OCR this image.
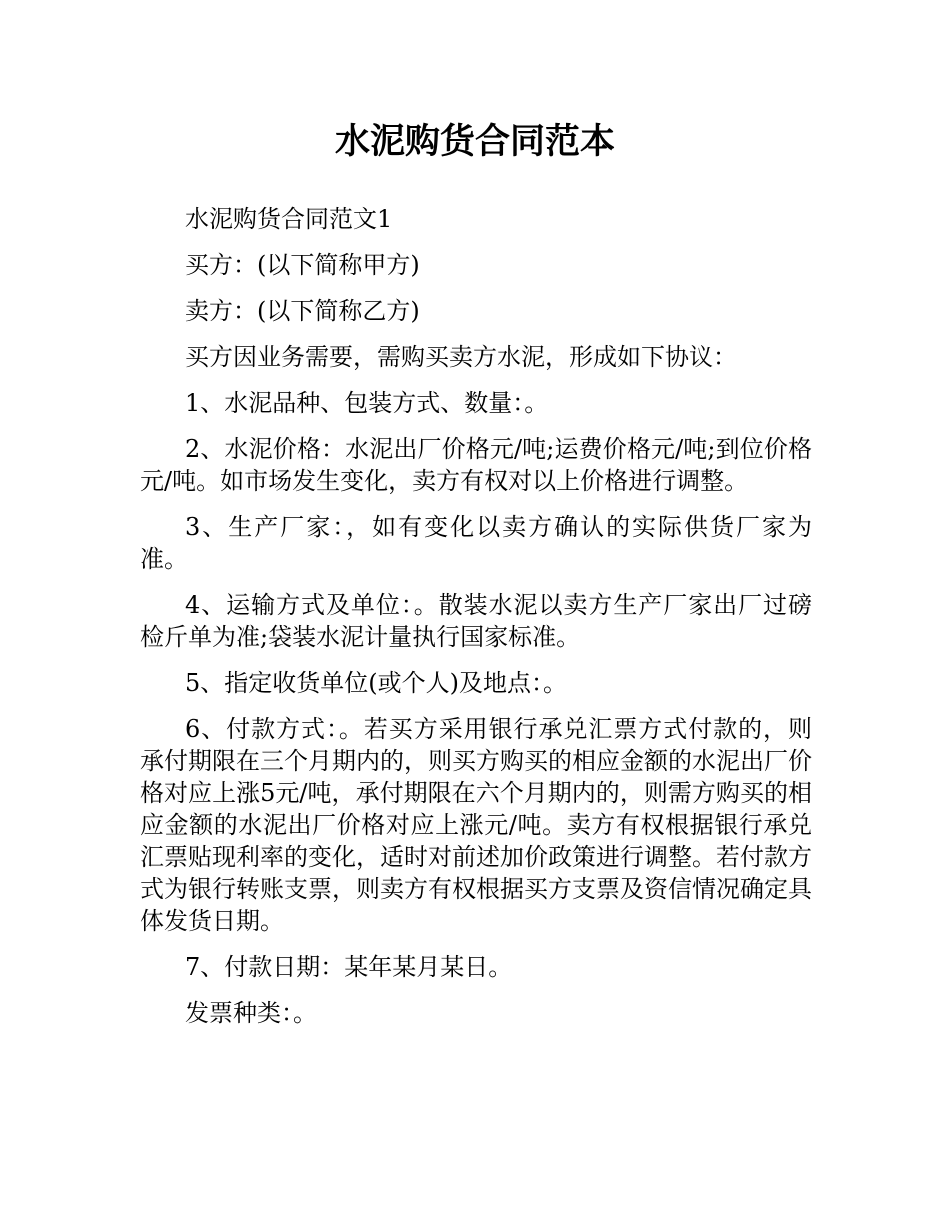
水泥购货合同范本

水泥购货合同范文1

买方：(以下简称甲方)

卖方：(以下简称乙方)

买方因业务需要，需购买卖方水泥，形成如下协议：

1、水泥品种、包装方式、数量：。

2、水泥价格：水泥出厂价格元/吨;运费价格元/吨;到位价格元/吨。如市场发生变化，卖方有权对以上价格进行调整。

3、生产厂家：，如有变化以卖方确认的实际供货厂家为准。

4、运输方式及单位：。散装水泥以卖方生产厂家出厂过磅检斤单为准;袋装水泥计量执行国家标准。

5、指定收货单位(或个人)及地点：。

6、付款方式：。若买方采用银行承兑汇票方式付款的，则承付期限在三个月期内的，则买方购买的相应金额的水泥出厂价格对应上涨5元/吨，承付期限在六个月期内的，则需方购买的相应金额的水泥出厂价格对应上涨元/吨。卖方有权根据银行承兑汇票贴现利率的变化，适时对前述加价政策进行调整。若付款方式为银行转账支票，则卖方有权根据买方支票及资信情况确定具体发货日期。

7、付款日期：某年某月某日。

发票种类：。
